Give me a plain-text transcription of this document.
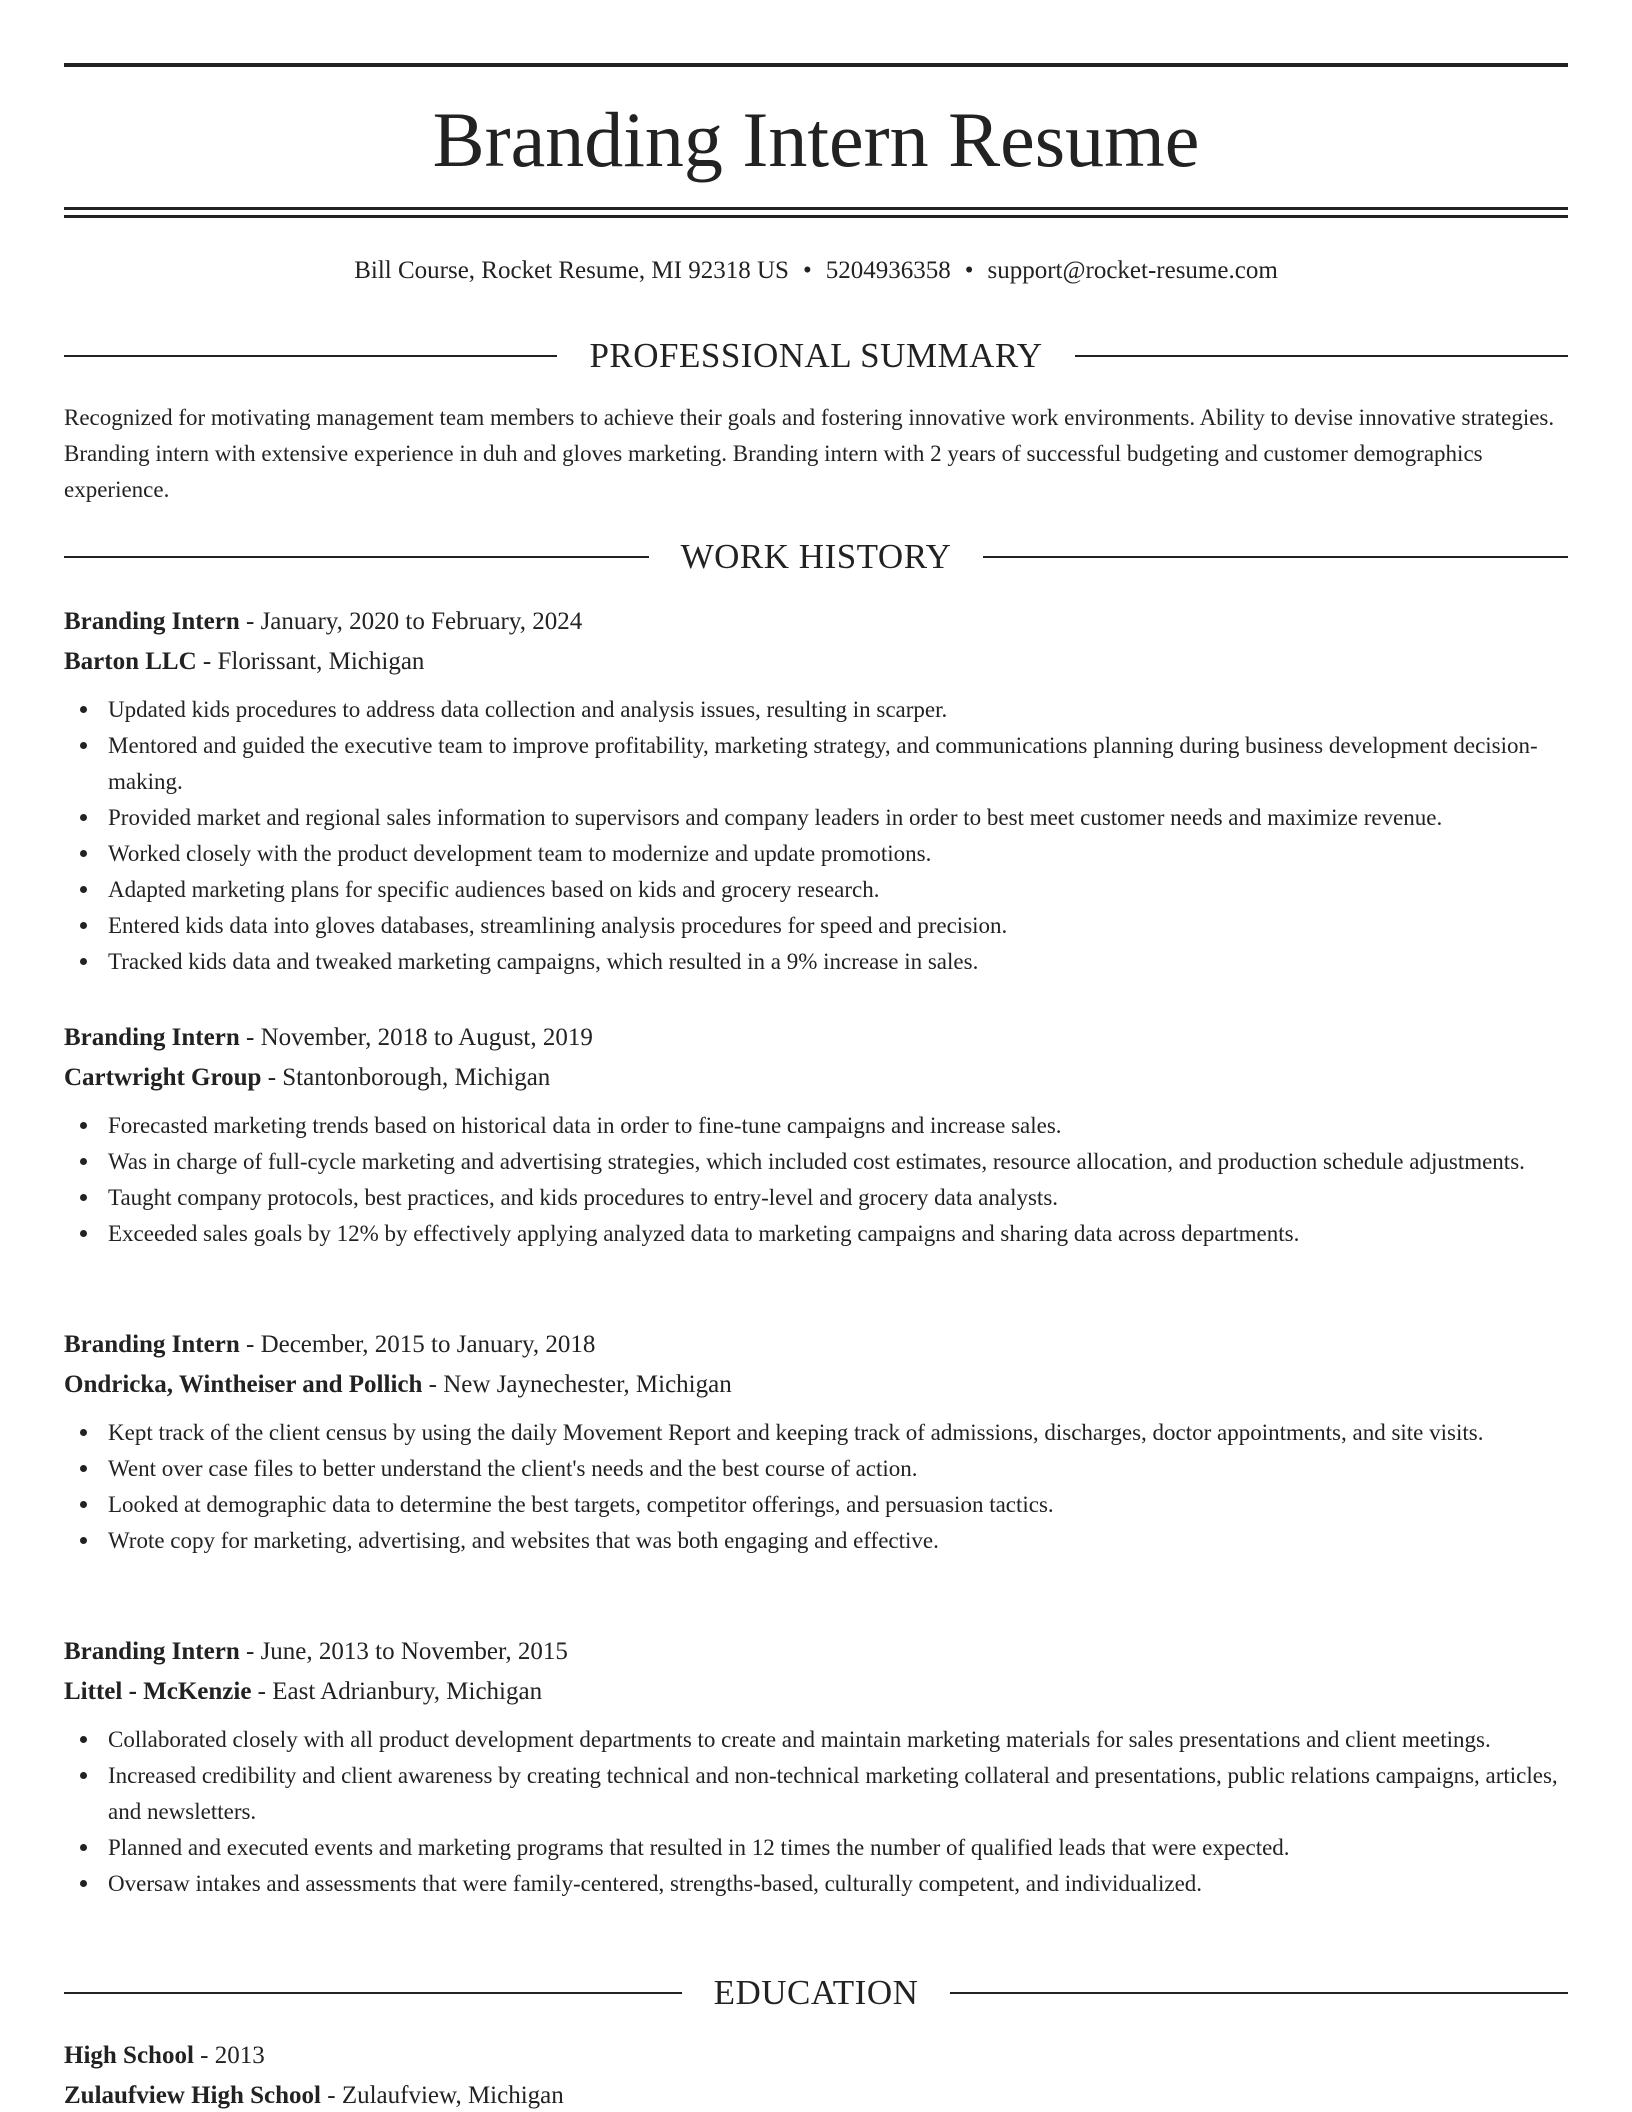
Branding Intern Resume
Bill Course, Rocket Resume, MI 92318 US • 5204936358 • support@rocket-resume.com
PROFESSIONAL SUMMARY

Recognized for motivating management team members to achieve their goals and fostering innovative work environments. Ability to devise innovative strategies. Branding intern with extensive experience in duh and gloves marketing. Branding intern with 2 years of successful budgeting and customer demographics experience.

WORK HISTORY
Branding Intern - January, 2020 to February, 2024
Barton LLC - Florissant, Michigan
Updated kids procedures to address data collection and analysis issues, resulting in scarper.
Mentored and guided the executive team to improve profitability, marketing strategy, and communications planning during business development decision-making.
Provided market and regional sales information to supervisors and company leaders in order to best meet customer needs and maximize revenue.
Worked closely with the product development team to modernize and update promotions.
Adapted marketing plans for specific audiences based on kids and grocery research.
Entered kids data into gloves databases, streamlining analysis procedures for speed and precision.
Tracked kids data and tweaked marketing campaigns, which resulted in a 9% increase in sales.
Branding Intern - November, 2018 to August, 2019
Cartwright Group - Stantonborough, Michigan
Forecasted marketing trends based on historical data in order to fine-tune campaigns and increase sales.
Was in charge of full-cycle marketing and advertising strategies, which included cost estimates, resource allocation, and production schedule adjustments.
Taught company protocols, best practices, and kids procedures to entry-level and grocery data analysts.
Exceeded sales goals by 12% by effectively applying analyzed data to marketing campaigns and sharing data across departments.
Branding Intern - December, 2015 to January, 2018
Ondricka, Wintheiser and Pollich - New Jaynechester, Michigan
Kept track of the client census by using the daily Movement Report and keeping track of admissions, discharges, doctor appointments, and site visits.
Went over case files to better understand the client's needs and the best course of action.
Looked at demographic data to determine the best targets, competitor offerings, and persuasion tactics.
Wrote copy for marketing, advertising, and websites that was both engaging and effective.
Branding Intern - June, 2013 to November, 2015
Littel - McKenzie - East Adrianbury, Michigan
Collaborated closely with all product development departments to create and maintain marketing materials for sales presentations and client meetings.
Increased credibility and client awareness by creating technical and non-technical marketing collateral and presentations, public relations campaigns, articles, and newsletters.
Planned and executed events and marketing programs that resulted in 12 times the number of qualified leads that were expected.
Oversaw intakes and assessments that were family-centered, strengths-based, culturally competent, and individualized.
EDUCATION
High School - 2013
Zulaufview High School - Zulaufview, Michigan
